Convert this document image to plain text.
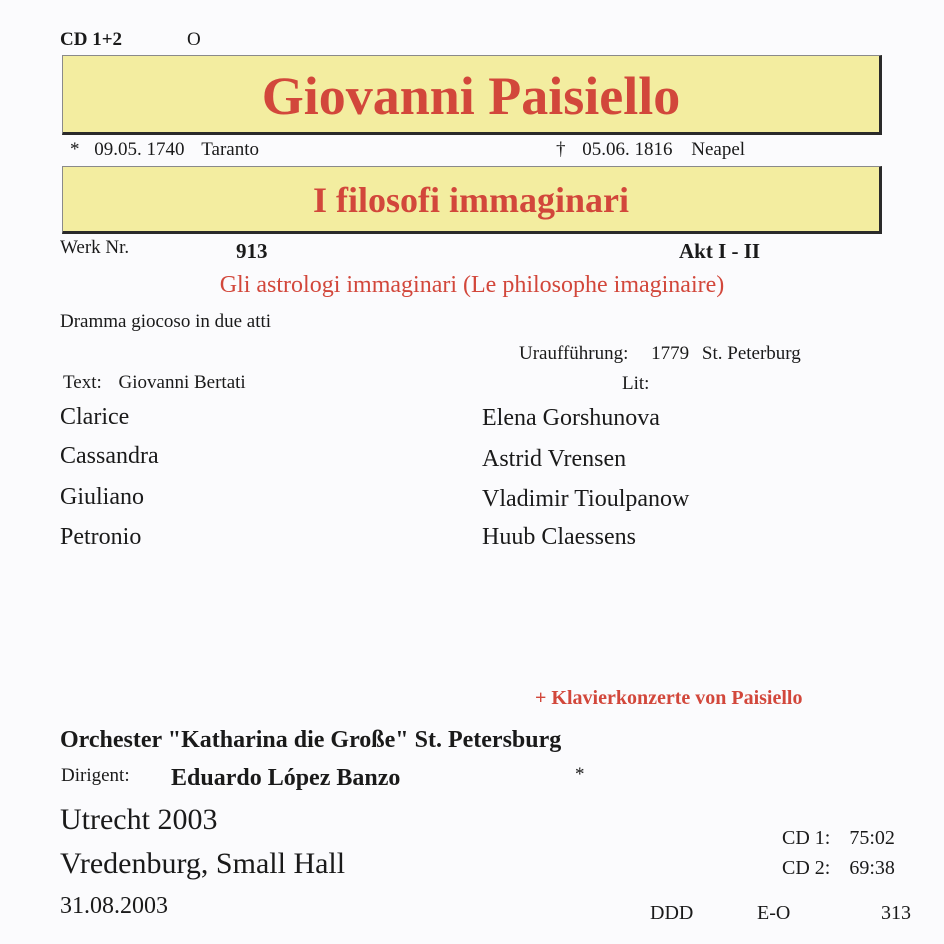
CD 1+2	O
Giovanni Paisiello
* 09.05. 1740 Taranto	† 05.06. 1816 Neapel
I filosofi immaginari
Werk Nr.	913	Akt I - II
Gli astrologi immaginari (Le philosophe imaginaire)
Dramma giocoso in due atti
Uraufführung: 1779 St. Peterburg
Text: Giovanni Bertati	Lit:
Clarice	Elena Gorshunova
Cassandra	Astrid Vrensen
Giuliano	Vladimir Tioulpanow
Petronio	Huub Claessens
+ Klavierkonzerte von Paisiello
Orchester "Katharina die Große" St. Petersburg
Dirigent: Eduardo López Banzo	*
Utrecht 2003
Vredenburg, Small Hall
31.08.2003
CD 1: 75:02
CD 2: 69:38
DDD	E-O	313
